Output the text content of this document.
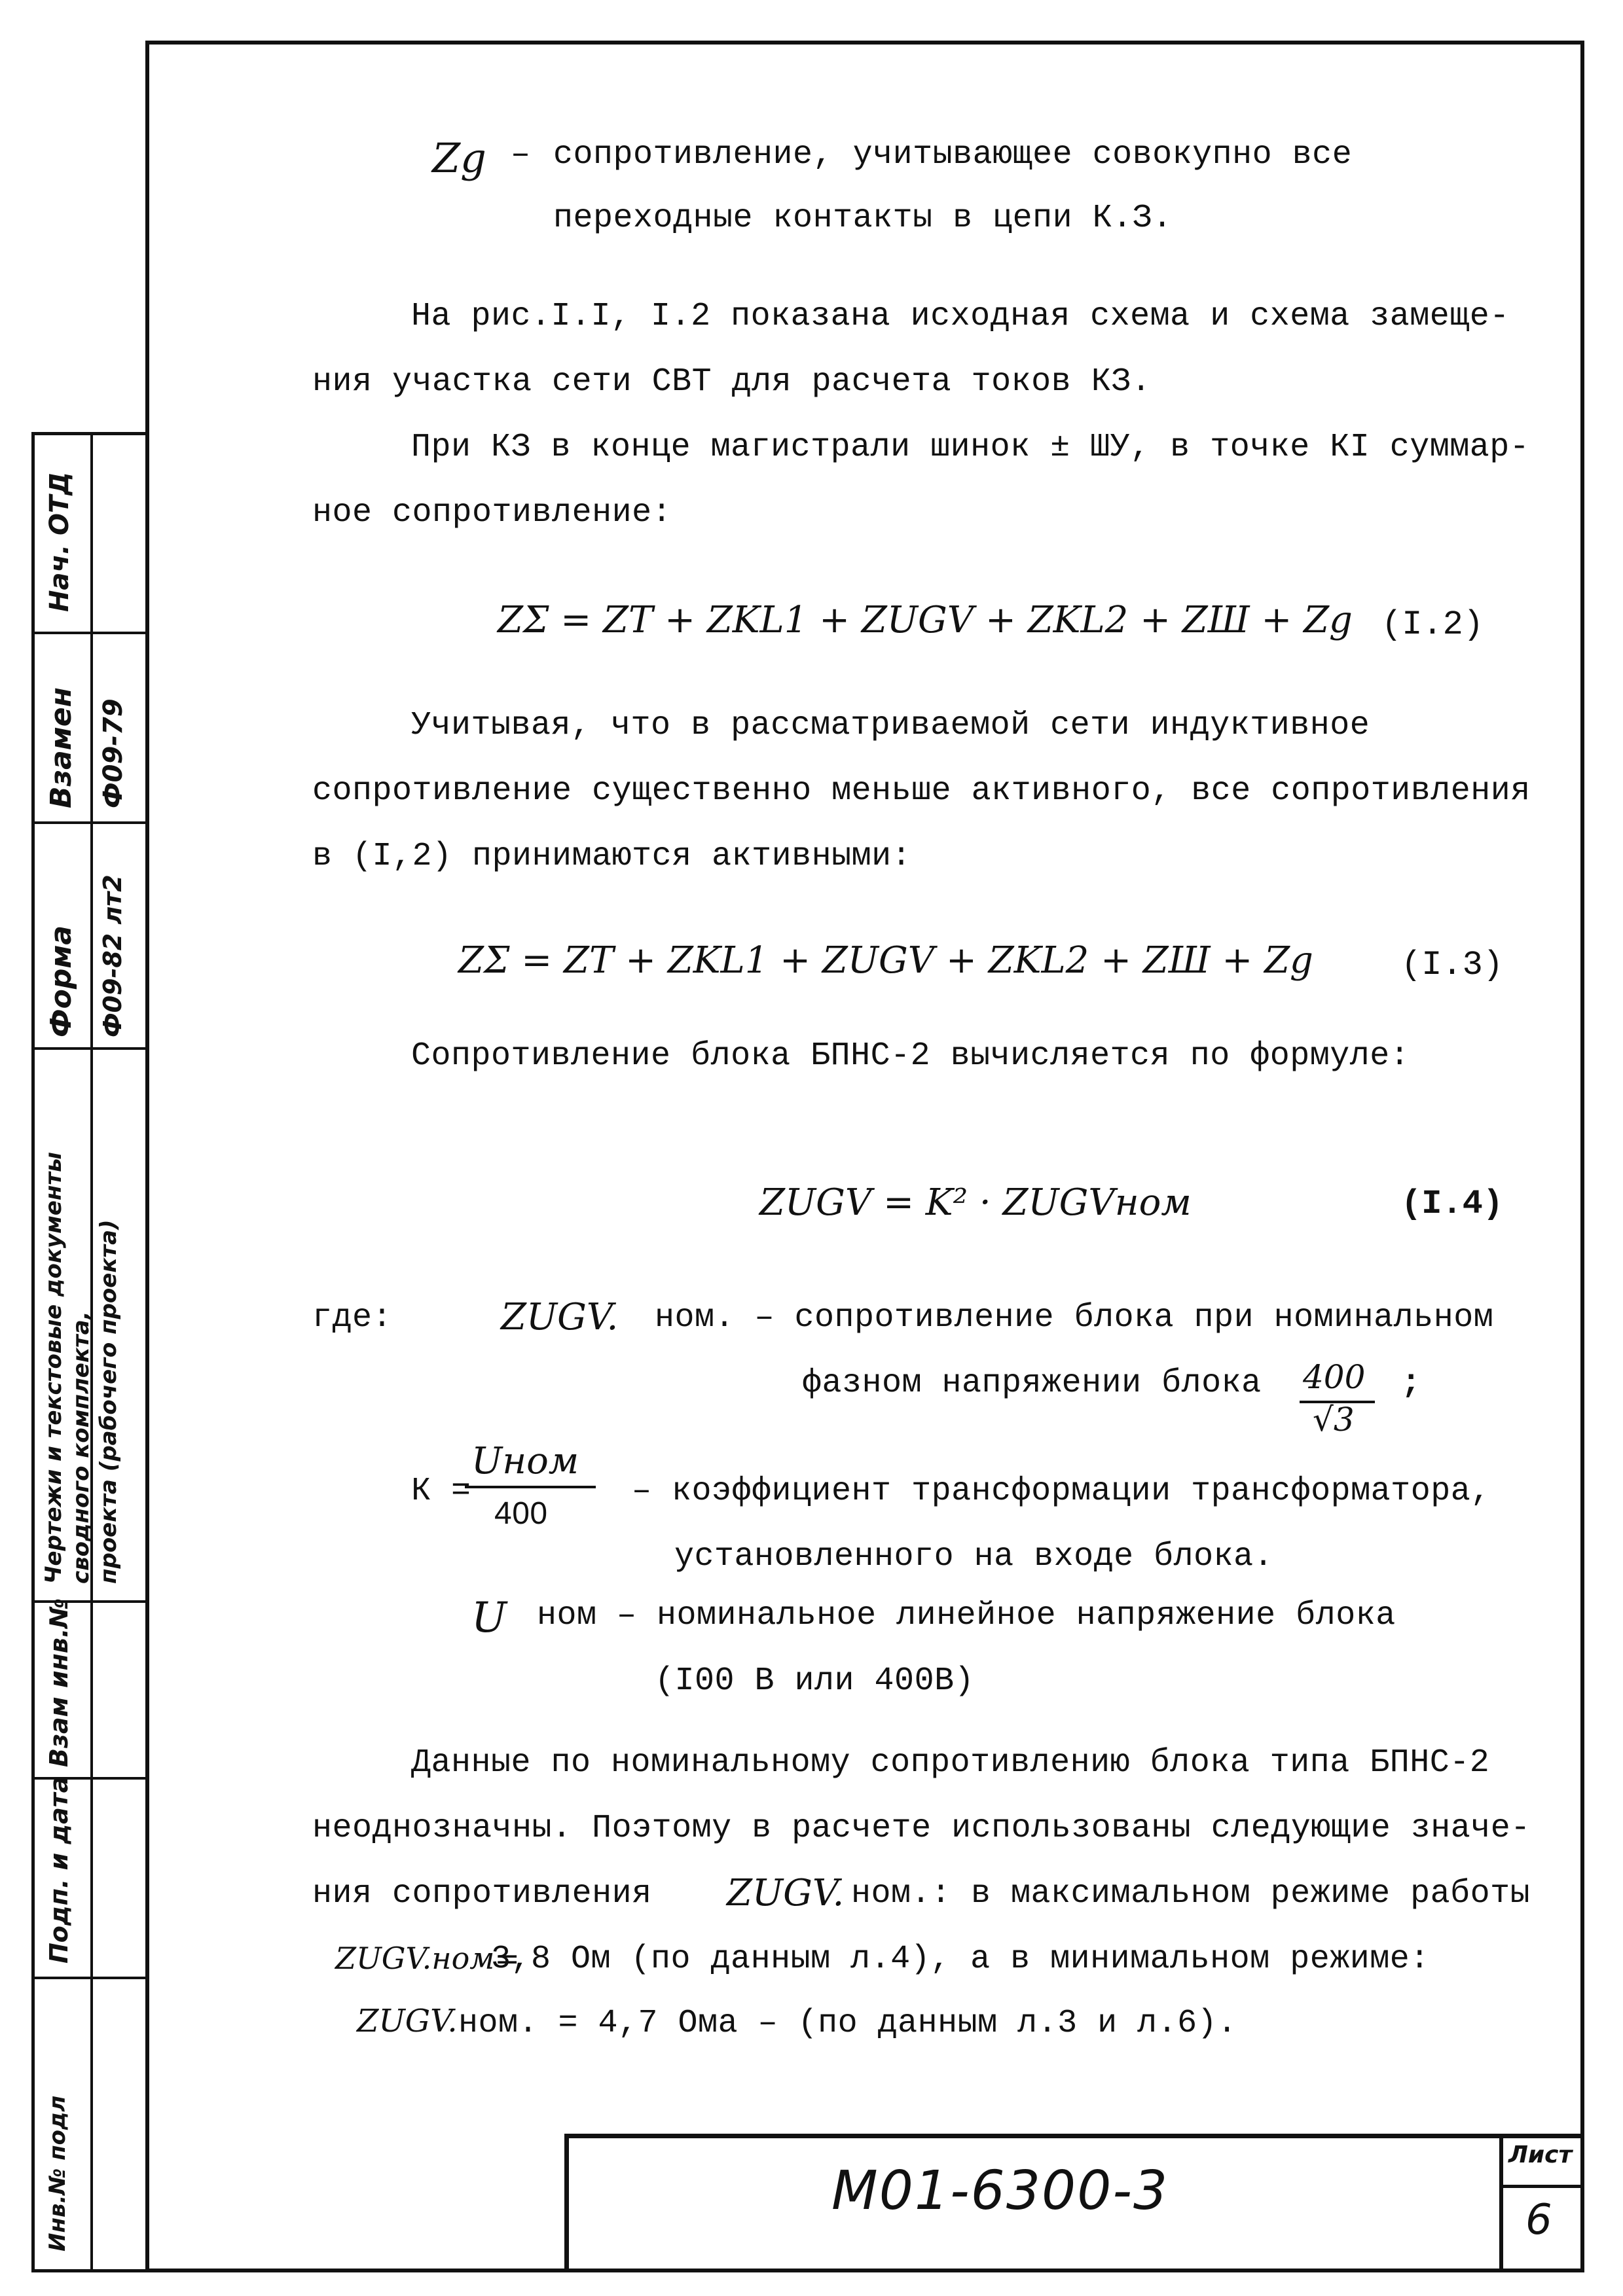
Нач. ОТД
Взамен Ф09-79
Форма Ф09-82 лт2
Чертежи и текстовые документы сводного комплекта, проекта (рабочего проекта)
Взам инв.№
Подп. и дата
Инв.№ подл
Zg – сопротивление, учитывающее совокупно все
переходные контакты в цепи К.З.
На рис.I.I, I.2 показана исходная схема и схема замеще-
ния участка сети СВТ для расчета токов КЗ.
При КЗ в конце магистрали шинок ± ШУ, в точке КI суммар-
ное сопротивление:
ZΣ = ZT + ZKL1 + ZUGV + ZKL2 + ZШ + Zg (I.2)
Учитывая, что в рассматриваемой сети индуктивное
сопротивление существенно меньше активного, все сопротивления
в (I,2) принимаются активными:
ZΣ = ZT + ZKL1 + ZUGV + ZKL2 + ZШ + Zg	(I.3)
Сопротивление блока БПНС-2 вычисляется по формуле:
ZUGV = K² · ZUGVном	(I.4)
где:	ZUGV. ном. – сопротивление блока при номинальном
фазном напряжении блока 400
√3
;
К =
Uном
400
– коэффициент трансформации трансформатора,
установленного на входе блока.
U ном – номинальное линейное напряжение блока
(I00 В или 400В)
Данные по номинальному сопротивлению блока типа БПНС-2
неоднозначны. Поэтому в расчете использованы следующие значе-
ния сопротивления ZUGV. ном.: в максимальном режиме работы
ZUGV.ном=
3,8 Ом (по данным л.4), а в минимальном режиме:
ZUGV. ном. = 4,7 Ома – (по данным л.3 и л.6).
М01-6300-3
Лист
6
